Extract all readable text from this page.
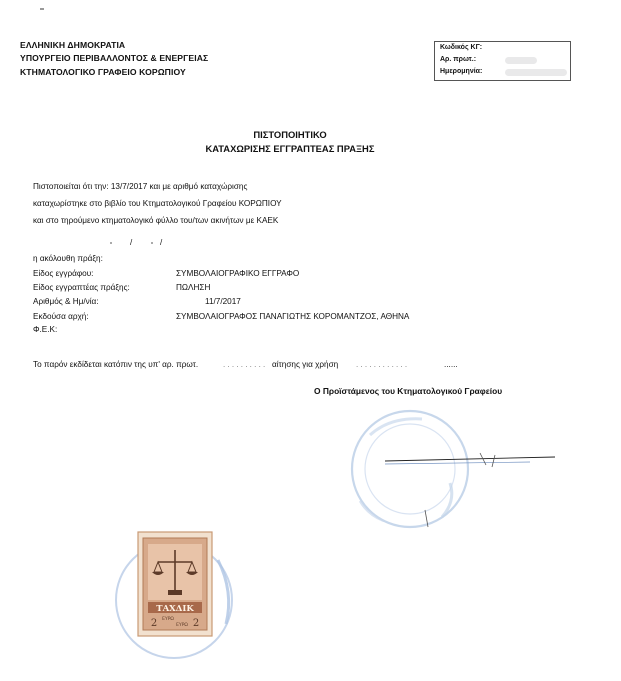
ΕΛΛΗΝΙΚΗ ΔΗΜΟΚΡΑΤΙΑ
ΥΠΟΥΡΓΕΙΟ ΠΕΡΙΒΑΛΛΟΝΤΟΣ & ΕΝΕΡΓΕΙΑΣ
ΚΤΗΜΑΤΟΛΟΓΙΚΟ ΓΡΑΦΕΙΟ ΚΟΡΩΠΙΟΥ
Κωδικός ΚΓ:
Αρ. πρωτ.:
Ημερομηνία:
ΠΙΣΤΟΠΟΙΗΤΙΚΟ
ΚΑΤΑΧΩΡΙΣΗΣ ΕΓΓΡΑΠΤΕΑΣ ΠΡΑΞΗΣ
Πιστοποιείται ότι την: 13/7/2017 και με αριθμό καταχώρισης
καταχωρίστηκε στο βιβλίο του Κτηματολογικού Γραφείου ΚΟΡΩΠΙΟΥ
και στο τηρούμενο κτηματολογικό φύλλο του/των ακινήτων με ΚΑΕΚ
/	/
η ακόλουθη πράξη:
Είδος εγγράφου:	ΣΥΜΒΟΛΑΙΟΓΡΑΦΙΚΟ ΕΓΓΡΑΦΟ
Είδος εγγραπτέας πράξης:	ΠΩΛΗΣΗ
Αριθμός & Ημ/νία:	11/7/2017
Εκδούσα αρχή:	ΣΥΜΒΟΛΑΙΟΓΡΑΦΟΣ ΠΑΝΑΓΙΩΤΗΣ ΚΟΡΟΜΑΝΤΖΟΣ, ΑΘΗΝΑ
Φ.Ε.Κ:
Το παρόν εκδίδεται κατόπιν της υπ' αρ. πρωτ.	. . . . . . . . . . αίτησης για χρήση . . . . . . . . . . . .	......
Ο Προϊστάμενος του Κτηματολογικού Γραφείου
ΤΑΧΔΙΚ
2	2
ΕΥΡΩ
ΕΥΡΩ
